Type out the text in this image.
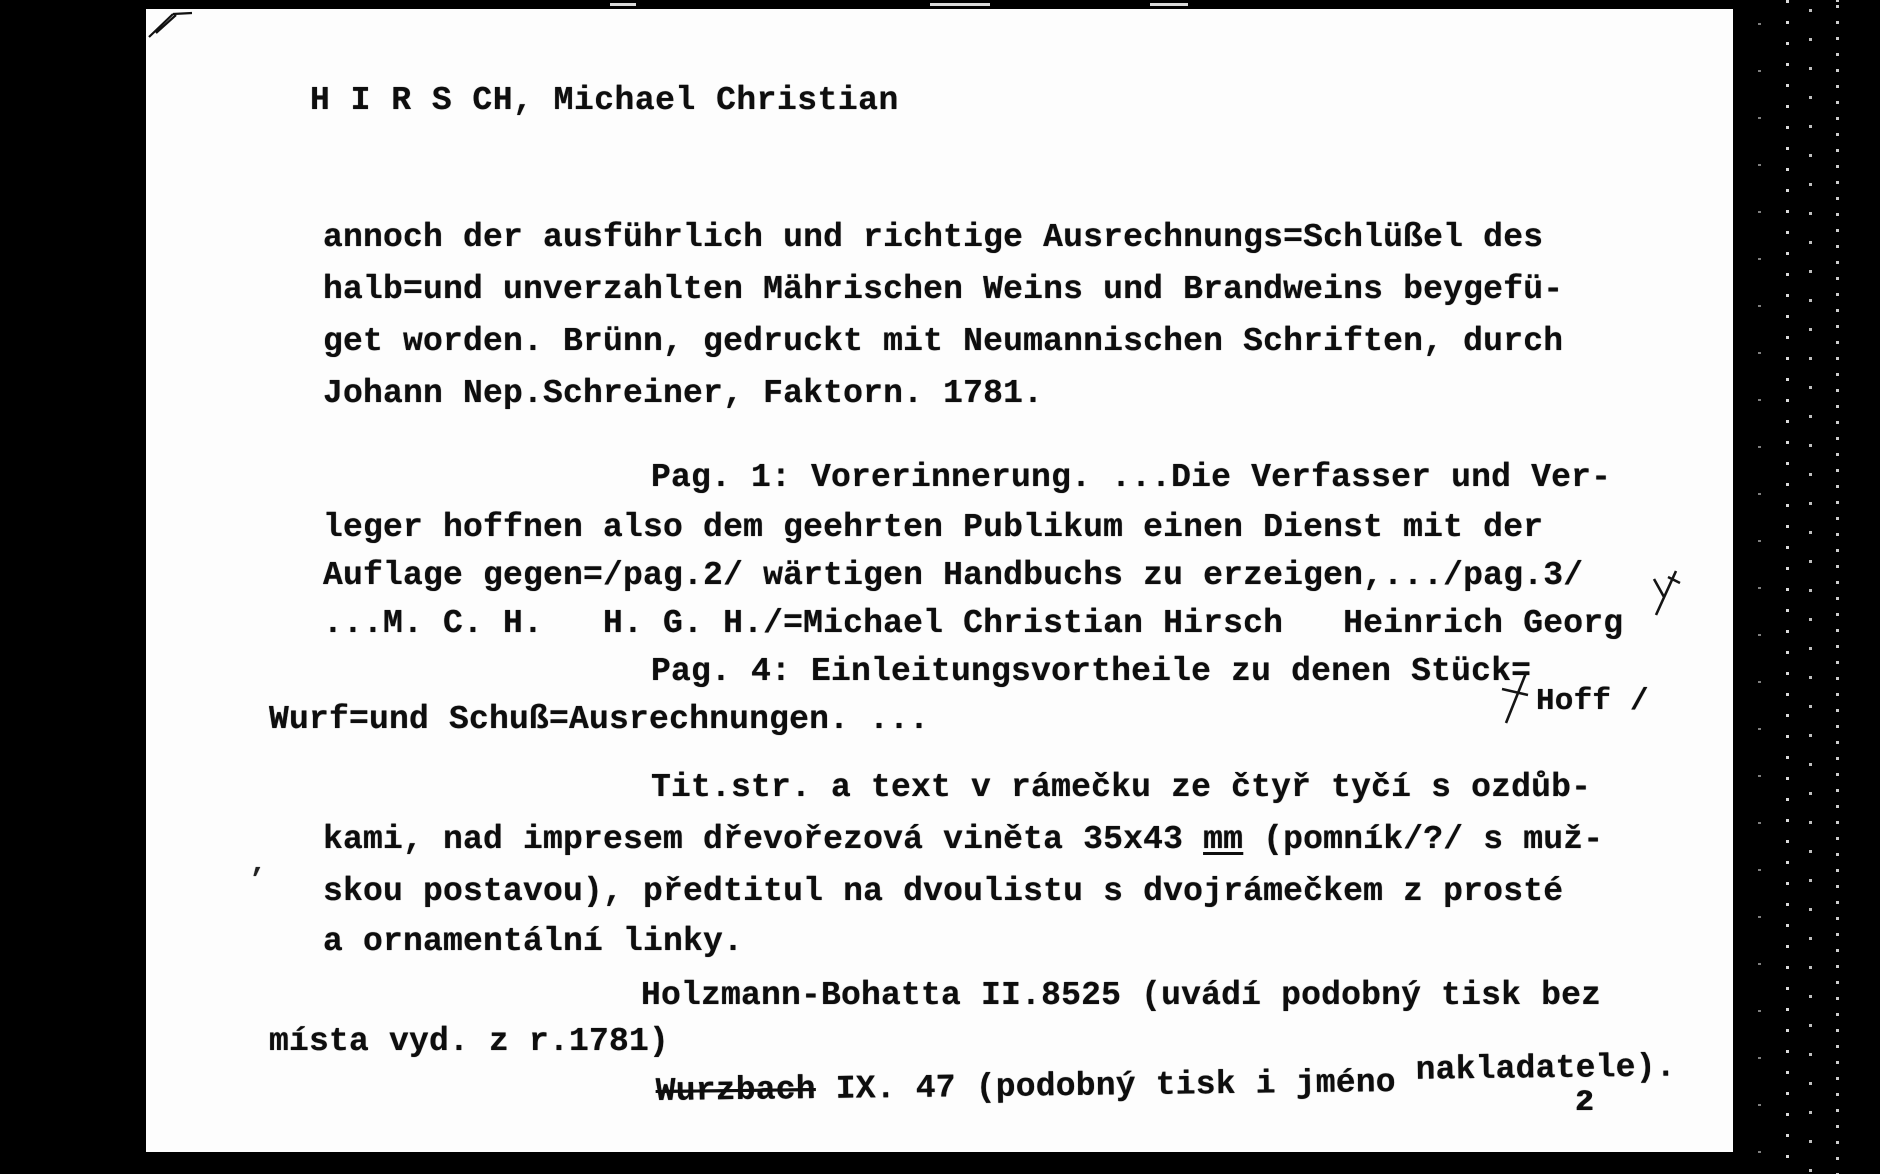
H I R S CH, Michael Christian
annoch der ausführlich und richtige Ausrechnungs=Schlüßel des
halb=und unverzahlten Mährischen Weins und Brandweins beygefü-
get worden. Brünn, gedruckt mit Neumannischen Schriften, durch
Johann Nep.Schreiner, Faktorn. 1781.
Pag. 1: Vorerinnerung. ...Die Verfasser und Ver-
leger hoffnen also dem geehrten Publikum einen Dienst mit der
Auflage gegen=/pag.2/ wärtigen Handbuchs zu erzeigen,.../pag.3/
...M. C. H.   H. G. H./=Michael Christian Hirsch   Heinrich Georg
Pag. 4: Einleitungsvortheile zu denen Stück=
Wurf=und Schuß=Ausrechnungen. ...	Hoff /
Tit.str. a text v rámečku ze čtyř tyčí s ozdůb-
kami, nad impresem dřevořezová viněta 35x43 mm (pomník/?/ s muž-
skou postavou), předtitul na dvoulistu s dvojrámečkem z prosté
a ornamentální linky.
,
Holzmann-Bohatta II.8525 (uvádí podobný tisk bez
místa vyd. z r.1781)
Wurzbach IX. 47 (podobný tisk i jméno nakladatele).
2
